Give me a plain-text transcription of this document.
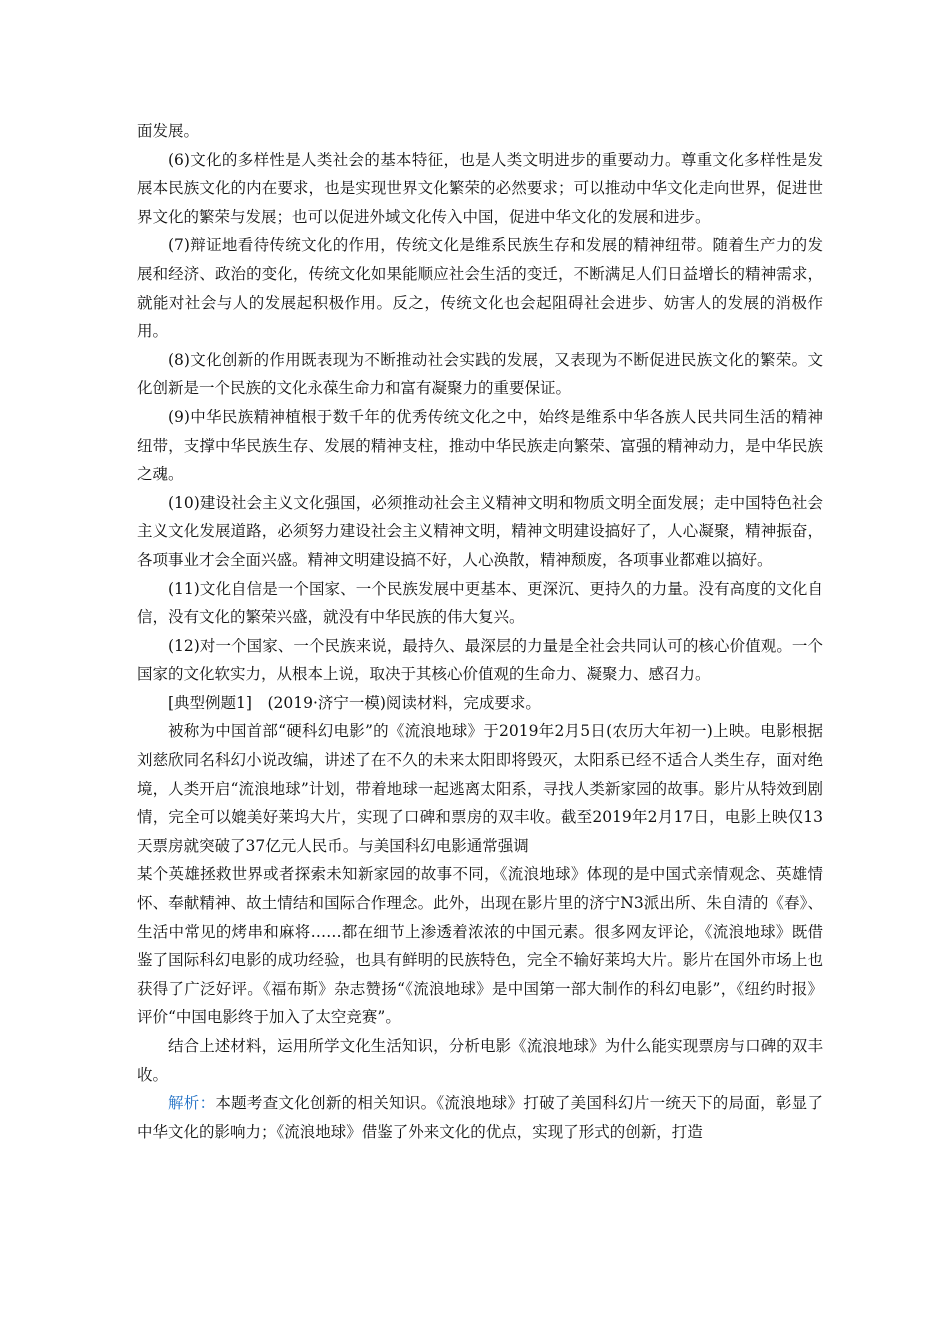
面发展。

(6)文化的多样性是人类社会的基本特征，也是人类文明进步的重要动力。尊重文化多样性是发展本民族文化的内在要求，也是实现世界文化繁荣的必然要求；可以推动中华文化走向世界，促进世界文化的繁荣与发展；也可以促进外域文化传入中国，促进中华文化的发展和进步。

(7)辩证地看待传统文化的作用，传统文化是维系民族生存和发展的精神纽带。随着生产力的发展和经济、政治的变化，传统文化如果能顺应社会生活的变迁，不断满足人们日益增长的精神需求，就能对社会与人的发展起积极作用。反之，传统文化也会起阻碍社会进步、妨害人的发展的消极作用。

(8)文化创新的作用既表现为不断推动社会实践的发展，又表现为不断促进民族文化的繁荣。文化创新是一个民族的文化永葆生命力和富有凝聚力的重要保证。

(9)中华民族精神植根于数千年的优秀传统文化之中，始终是维系中华各族人民共同生活的精神纽带，支撑中华民族生存、发展的精神支柱，推动中华民族走向繁荣、富强的精神动力，是中华民族之魂。

(10)建设社会主义文化强国，必须推动社会主义精神文明和物质文明全面发展；走中国特色社会主义文化发展道路，必须努力建设社会主义精神文明，精神文明建设搞好了，人心凝聚，精神振奋，各项事业才会全面兴盛。精神文明建设搞不好，人心涣散，精神颓废，各项事业都难以搞好。

(11)文化自信是一个国家、一个民族发展中更基本、更深沉、更持久的力量。没有高度的文化自信，没有文化的繁荣兴盛，就没有中华民族的伟大复兴。

(12)对一个国家、一个民族来说，最持久、最深层的力量是全社会共同认可的核心价值观。一个国家的文化软实力，从根本上说，取决于其核心价值观的生命力、凝聚力、感召力。

[典型例题1]　(2019·济宁一模)阅读材料，完成要求。

被称为中国首部“硬科幻电影”的《流浪地球》于2019年2月5日(农历大年初一)上映。电影根据刘慈欣同名科幻小说改编，讲述了在不久的未来太阳即将毁灭，太阳系已经不适合人类生存，面对绝境，人类开启“流浪地球”计划，带着地球一起逃离太阳系，寻找人类新家园的故事。影片从特效到剧情，完全可以媲美好莱坞大片，实现了口碑和票房的双丰收。截至2019年2月17日，电影上映仅13天票房就突破了37亿元人民币。与美国科幻电影通常强调

某个英雄拯救世界或者探索未知新家园的故事不同，《流浪地球》体现的是中国式亲情观念、英雄情怀、奉献精神、故土情结和国际合作理念。此外，出现在影片里的济宁N3派出所、朱自清的《春》、生活中常见的烤串和麻将……都在细节上渗透着浓浓的中国元素。很多网友评论，《流浪地球》既借鉴了国际科幻电影的成功经验，也具有鲜明的民族特色，完全不输好莱坞大片。影片在国外市场上也获得了广泛好评。《福布斯》杂志赞扬“《流浪地球》是中国第一部大制作的科幻电影”，《纽约时报》评价“中国电影终于加入了太空竞赛”。

结合上述材料，运用所学文化生活知识，分析电影《流浪地球》为什么能实现票房与口碑的双丰收。

解析：本题考查文化创新的相关知识。《流浪地球》打破了美国科幻片一统天下的局面，彰显了中华文化的影响力；《流浪地球》借鉴了外来文化的优点，实现了形式的创新，打造
